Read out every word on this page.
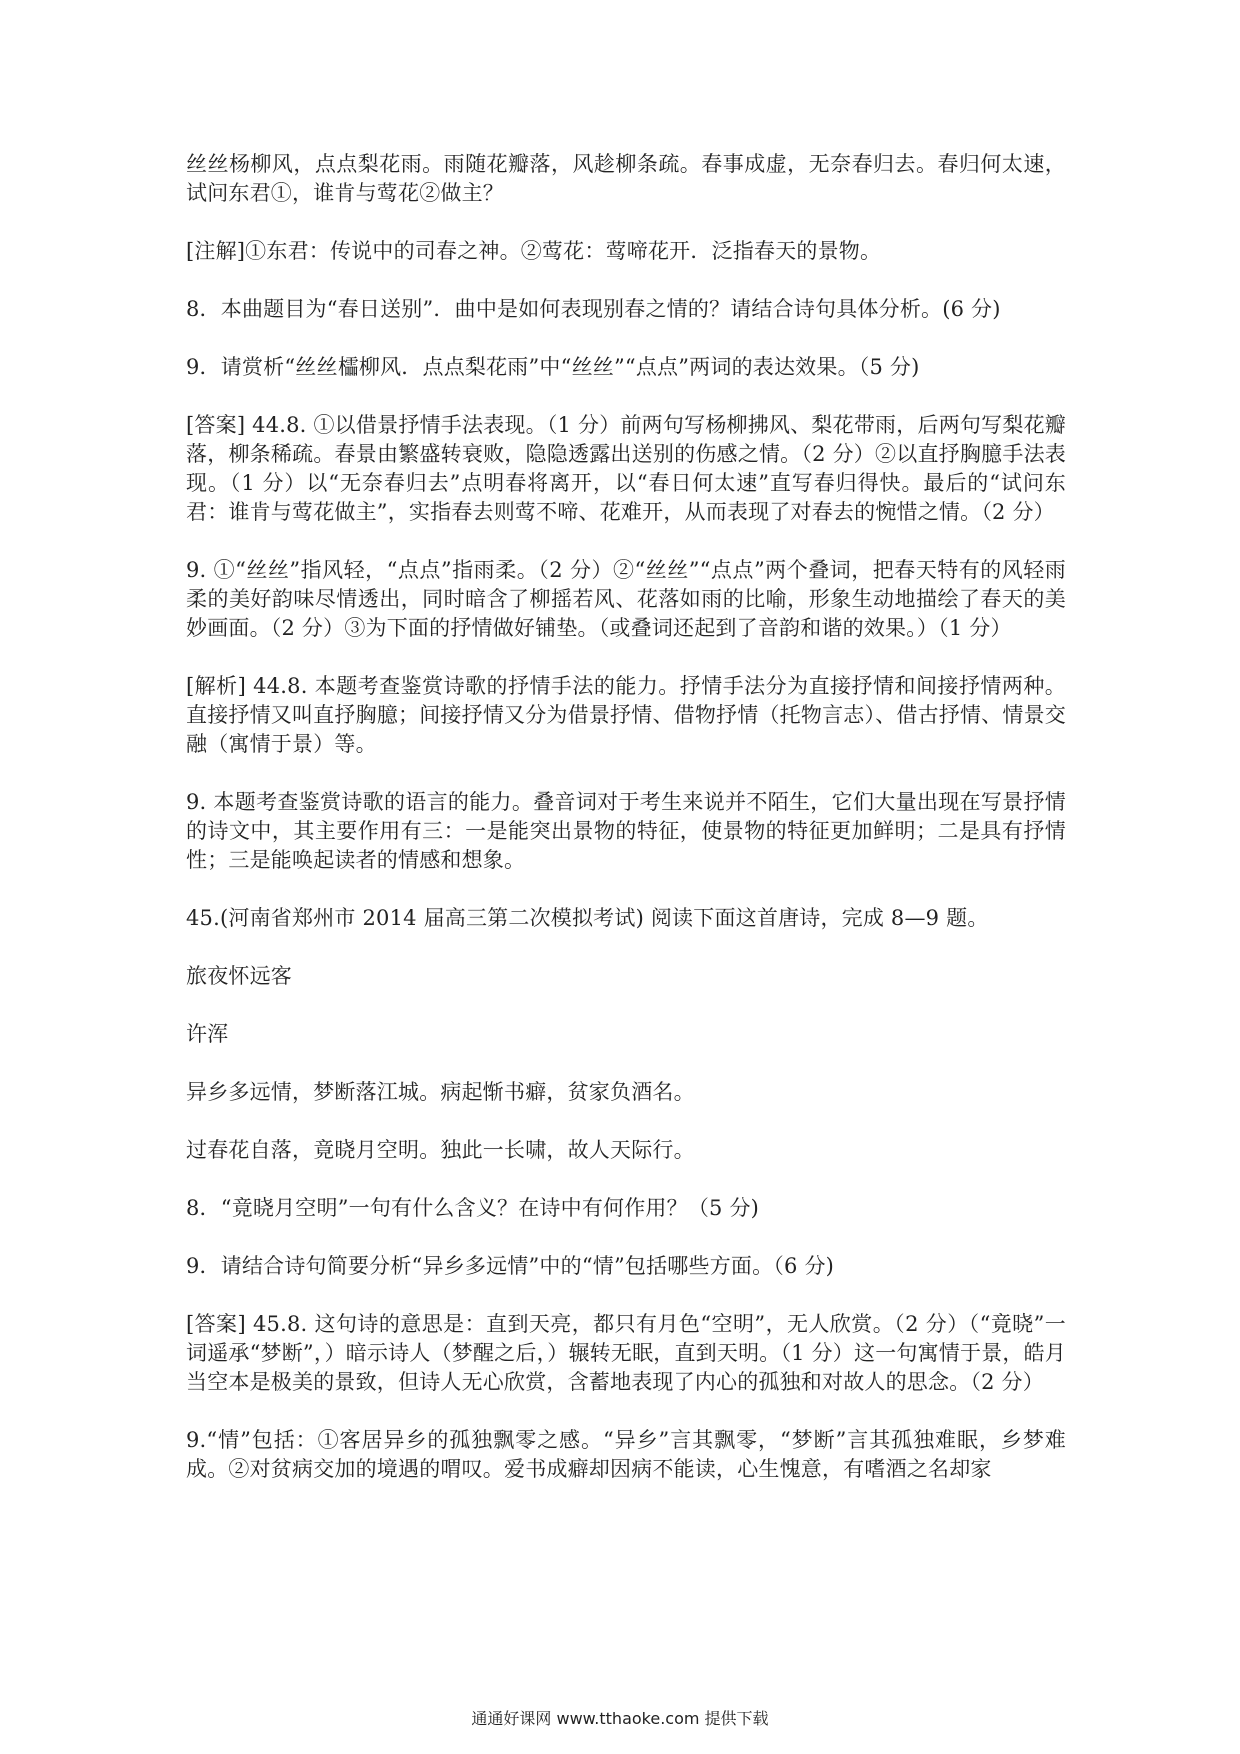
丝丝杨柳风，点点梨花雨。雨随花瓣落，风趁柳条疏。春事成虚，无奈春归去。春归何太速，试问东君①，谁肯与莺花②做主？

[注解]①东君：传说中的司春之神。②莺花：莺啼花开．泛指春天的景物。

8．本曲题目为“春日送别”．曲中是如何表现别春之情的？请结合诗句具体分析。(6 分)

9．请赏析“丝丝櫺柳风．点点梨花雨”中“丝丝”“点点”两词的表达效果。（5 分)

[答案] 44.8. ①以借景抒情手法表现。（1 分）前两句写杨柳拂风、梨花带雨，后两句写梨花瓣落，柳条稀疏。春景由繁盛转衰败，隐隐透露出送别的伤感之情。（2 分）②以直抒胸臆手法表现。（1 分）以“无奈春归去”点明春将离开，以“春日何太速”直写春归得快。最后的“试问东君：谁肯与莺花做主”，实指春去则莺不啼、花难开，从而表现了对春去的惋惜之情。（2 分）

9. ①“丝丝”指风轻，“点点”指雨柔。（2 分）②“丝丝”“点点”两个叠词，把春天特有的风轻雨柔的美好韵味尽情透出，同时暗含了柳摇若风、花落如雨的比喻，形象生动地描绘了春天的美妙画面。（2 分）③为下面的抒情做好铺垫。（或叠词还起到了音韵和谐的效果。）（1 分）

[解析] 44.8. 本题考查鉴赏诗歌的抒情手法的能力。抒情手法分为直接抒情和间接抒情两种。直接抒情又叫直抒胸臆；间接抒情又分为借景抒情、借物抒情（托物言志）、借古抒情、情景交融（寓情于景）等。

9. 本题考查鉴赏诗歌的语言的能力。叠音词对于考生来说并不陌生，它们大量出现在写景抒情的诗文中，其主要作用有三：一是能突出景物的特征，使景物的特征更加鲜明；二是具有抒情性；三是能唤起读者的情感和想象。

45.(河南省郑州市 2014 届高三第二次模拟考试) 阅读下面这首唐诗，完成 8—9 题。

旅夜怀远客

许浑

异乡多远情，梦断落江城。病起惭书癖，贫家负酒名。

过春花自落，竟晓月空明。独此一长啸，故人天际行。

8．“竟晓月空明”一句有什么含义？在诗中有何作用？（5 分)

9．请结合诗句简要分析“异乡多远情”中的“情”包括哪些方面。（6 分)

[答案] 45.8. 这句诗的意思是：直到天亮，都只有月色“空明”，无人欣赏。（2 分）（“竟晓”一词遥承“梦断”，）暗示诗人（梦醒之后，）辗转无眠，直到天明。（1 分）这一句寓情于景，皓月当空本是极美的景致，但诗人无心欣赏，含蓄地表现了内心的孤独和对故人的思念。（2 分）

9.“情”包括：①客居异乡的孤独飘零之感。“异乡”言其飘零，“梦断”言其孤独难眠，乡梦难成。②对贫病交加的境遇的喟叹。爱书成癖却因病不能读，心生愧意，有嗜酒之名却家

通通好课网 www.tthaoke.com 提供下载
